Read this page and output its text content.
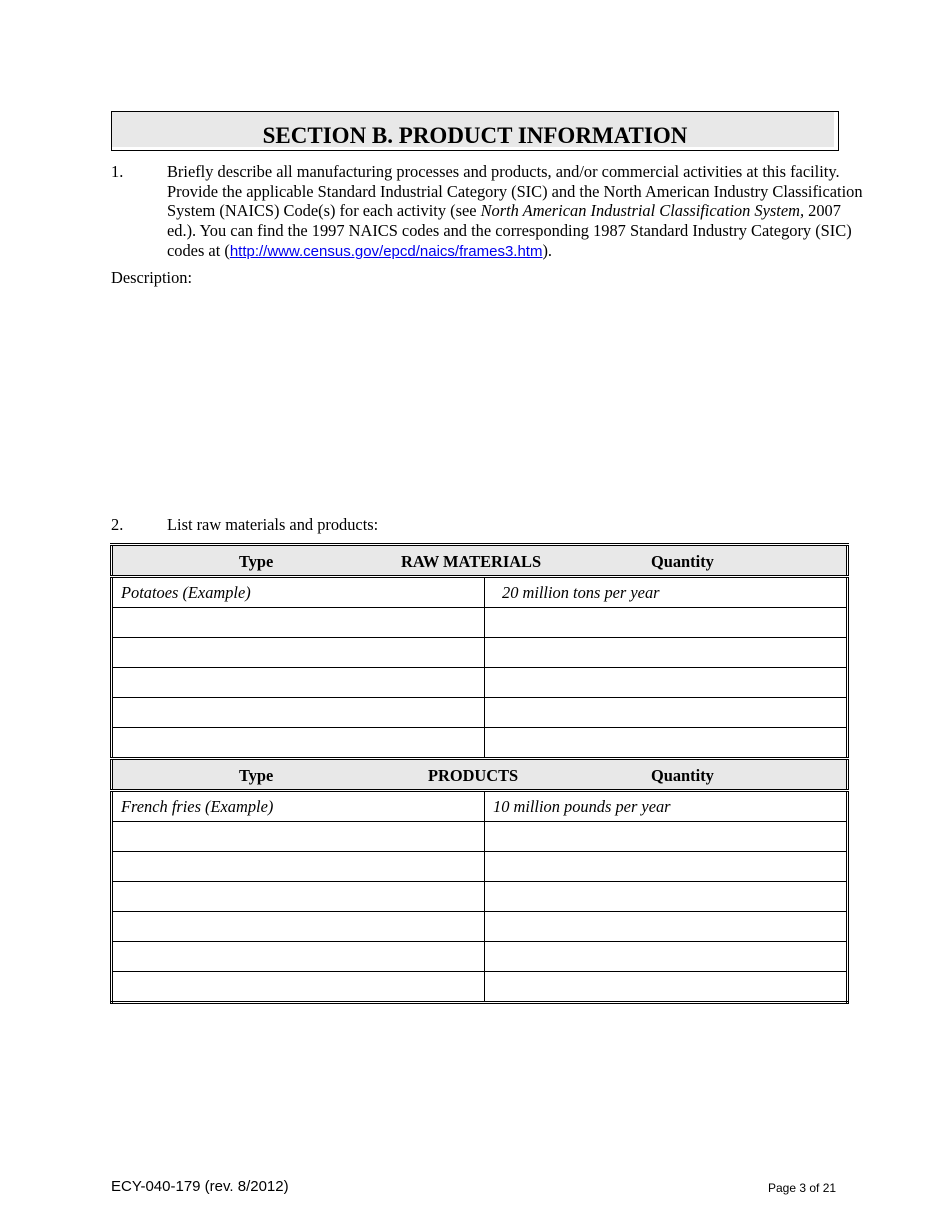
SECTION B. PRODUCT INFORMATION
1.	Briefly describe all manufacturing processes and products, and/or commercial activities at this facility. Provide the applicable Standard Industrial Category (SIC) and the North American Industry Classification System (NAICS) Code(s) for each activity (see North American Industrial Classification System, 2007 ed.). You can find the 1997 NAICS codes and the corresponding 1987 Standard Industry Category (SIC) codes at (http://www.census.gov/epcd/naics/frames3.htm).
Description:
2.	List raw materials and products:
Type RAW MATERIALS Quantity	

Potatoes (Example)	20 million tons per year

Type PRODUCTS Quantity	

French fries (Example)	10 million pounds per year

ECY-040-179 (rev. 8/2012)	Page 3 of 21
